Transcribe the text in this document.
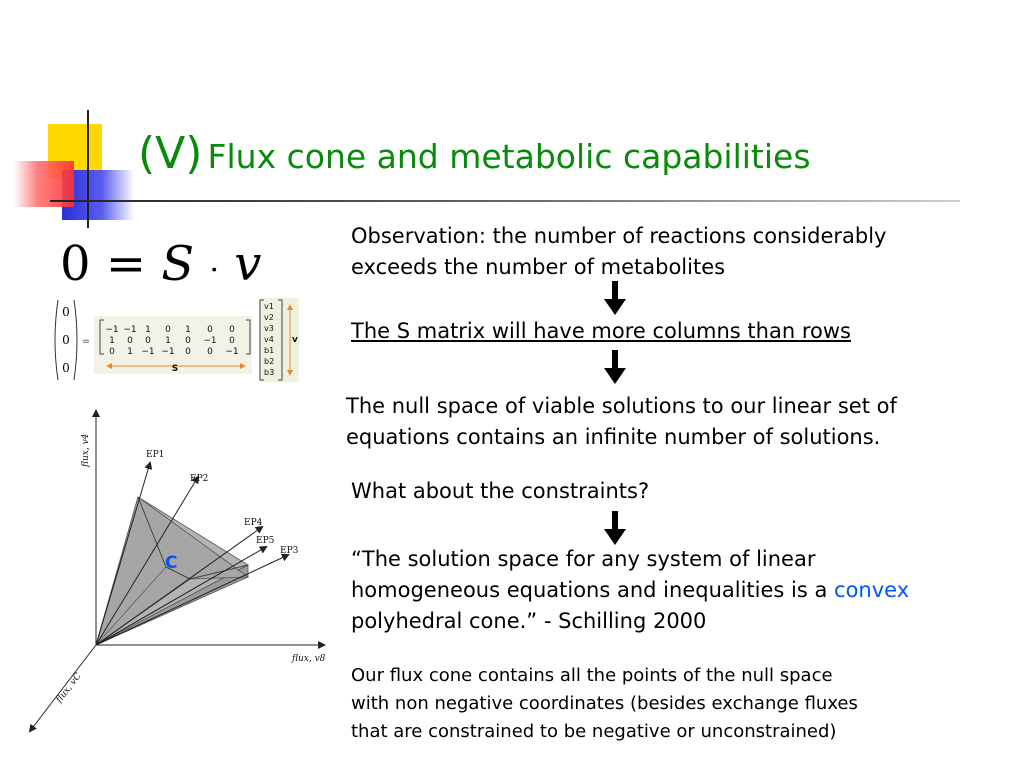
(V) Flux cone and metabolic capabilities
0 = S · v
0
0
0
=
−1 −1 1 0 1 0 0
1 0 0 1 0 −1 0
0 1 −1 −1 0 0 −1
S
v1
v2
v3
v4
b1
b2
b3
v
EP1
EP2
EP4
EP5
EP3
flux, v4
flux, v8
flux, vC
C
Observation: the number of reactions considerably
exceeds the number of metabolites
The S matrix will have more columns than rows
The null space of viable solutions to our linear set of
equations contains an infinite number of solutions.
What about the constraints?
“The solution space for any system of linear
homogeneous equations and inequalities is a convex
polyhedral cone.” - Schilling 2000
Our flux cone contains all the points of the null space
with non negative coordinates (besides exchange fluxes
that are constrained to be negative or unconstrained)
